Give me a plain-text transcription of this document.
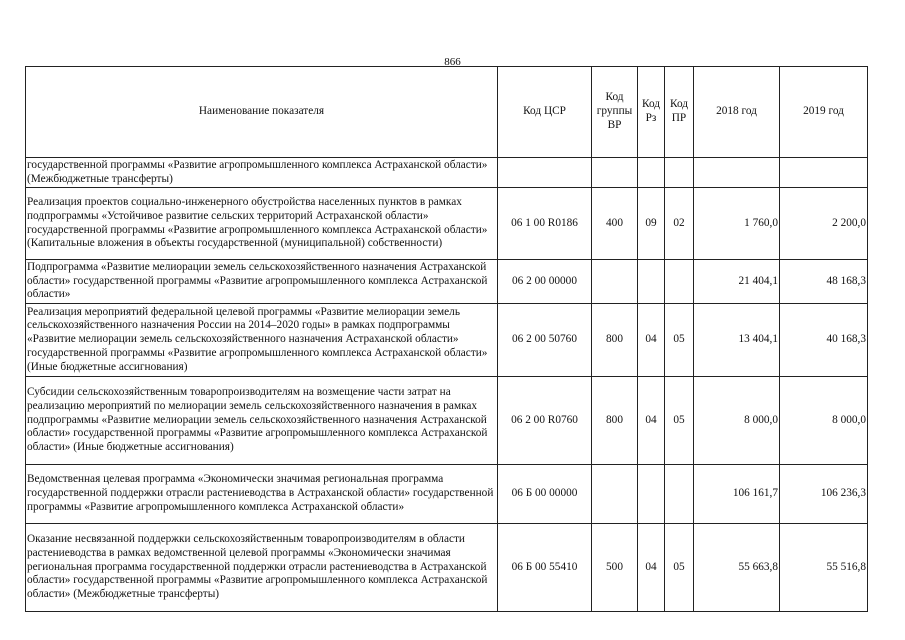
866
Наименование показателя	Код ЦСР	Код группы ВР	Код Рз	Код ПР	2018 год	2019 год
государственной программы «Развитие агропромышленного комплекса Астраханской области» (Межбюджетные трансферты)						
Реализация проектов социально-инженерного обустройства населенных пунктов в рамках подпрограммы «Устойчивое развитие сельских территорий Астраханской области» государственной программы «Развитие агропромышленного комплекса Астраханской области» (Капитальные вложения в объекты государственной (муниципальной) собственности)	06 1 00 R0186	400	09	02	1 760,0	2 200,0
Подпрограмма «Развитие мелиорации земель сельскохозяйственного назначения Астраханской области» государственной программы «Развитие агропромышленного комплекса Астраханской области»	06 2 00 00000				21 404,1	48 168,3
Реализация мероприятий федеральной целевой программы «Развитие мелиорации земель сельскохозяйственного назначения России на 2014–2020 годы» в рамках подпрограммы «Развитие мелиорации земель сельскохозяйственного назначения Астраханской области» государственной программы «Развитие агропромышленного комплекса Астраханской области» (Иные бюджетные ассигнования)	06 2 00 50760	800	04	05	13 404,1	40 168,3
Субсидии сельскохозяйственным товаропроизводителям на возмещение части затрат на реализацию мероприятий по мелиорации земель сельскохозяйственного назначения в рамках подпрограммы «Развитие мелиорации земель сельскохозяйственного назначения Астраханской области» государственной программы «Развитие агропромышленного комплекса Астраханской области» (Иные бюджетные ассигнования)	06 2 00 R0760	800	04	05	8 000,0	8 000,0
Ведомственная целевая программа «Экономически значимая региональная программа государственной поддержки отрасли растениеводства в Астраханской области» государственной программы «Развитие агропромышленного комплекса Астраханской области»	06 Б 00 00000				106 161,7	106 236,3
Оказание несвязанной поддержки сельскохозяйственным товаропроизводителям в области растениеводства в рамках ведомственной целевой программы «Экономически значимая региональная программа государственной поддержки отрасли растениеводства в Астраханской области» государственной программы «Развитие агропромышленного комплекса Астраханской области» (Межбюджетные трансферты)	06 Б 00 55410	500	04	05	55 663,8	55 516,8
